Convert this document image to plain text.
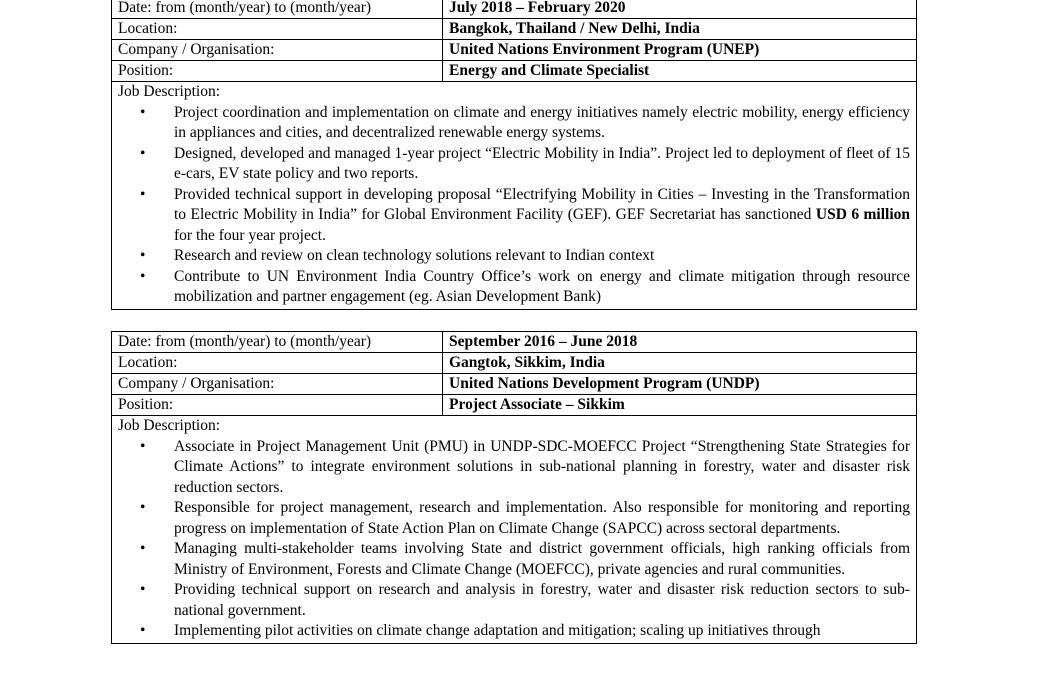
Date: from (month/year) to (month/year)	July 2018 – February 2020
Location:	Bangkok, Thailand / New Delhi, India
Company / Organisation:	United Nations Environment Program (UNEP)
Position:	Energy and Climate Specialist
Job Description:
• Project coordination and implementation on climate and energy initiatives namely electric mobility, energy efficiency in appliances and cities, and decentralized renewable energy systems.
• Designed, developed and managed 1-year project “Electric Mobility in India”. Project led to deployment of fleet of 15 e-cars, EV state policy and two reports.
• Provided technical support in developing proposal “Electrifying Mobility in Cities – Investing in the Transformation to Electric Mobility in India” for Global Environment Facility (GEF). GEF Secretariat has sanctioned USD 6 million for the four year project.
• Research and review on clean technology solutions relevant to Indian context
• Contribute to UN Environment India Country Office’s work on energy and climate mitigation through resource mobilization and partner engagement (eg. Asian Development Bank)
Date: from (month/year) to (month/year)	September 2016 – June 2018
Location:	Gangtok, Sikkim, India
Company / Organisation:	United Nations Development Program (UNDP)
Position:	Project Associate – Sikkim
Job Description:
• Associate in Project Management Unit (PMU) in UNDP-SDC-MOEFCC Project “Strengthening State Strategies for Climate Actions” to integrate environment solutions in sub-national planning in forestry, water and disaster risk reduction sectors.
• Responsible for project management, research and implementation. Also responsible for monitoring and reporting progress on implementation of State Action Plan on Climate Change (SAPCC) across sectoral departments.
• Managing multi-stakeholder teams involving State and district government officials, high ranking officials from Ministry of Environment, Forests and Climate Change (MOEFCC), private agencies and rural communities.
• Providing technical support on research and analysis in forestry, water and disaster risk reduction sectors to sub-national government.
• Implementing pilot activities on climate change adaptation and mitigation; scaling up initiatives through
